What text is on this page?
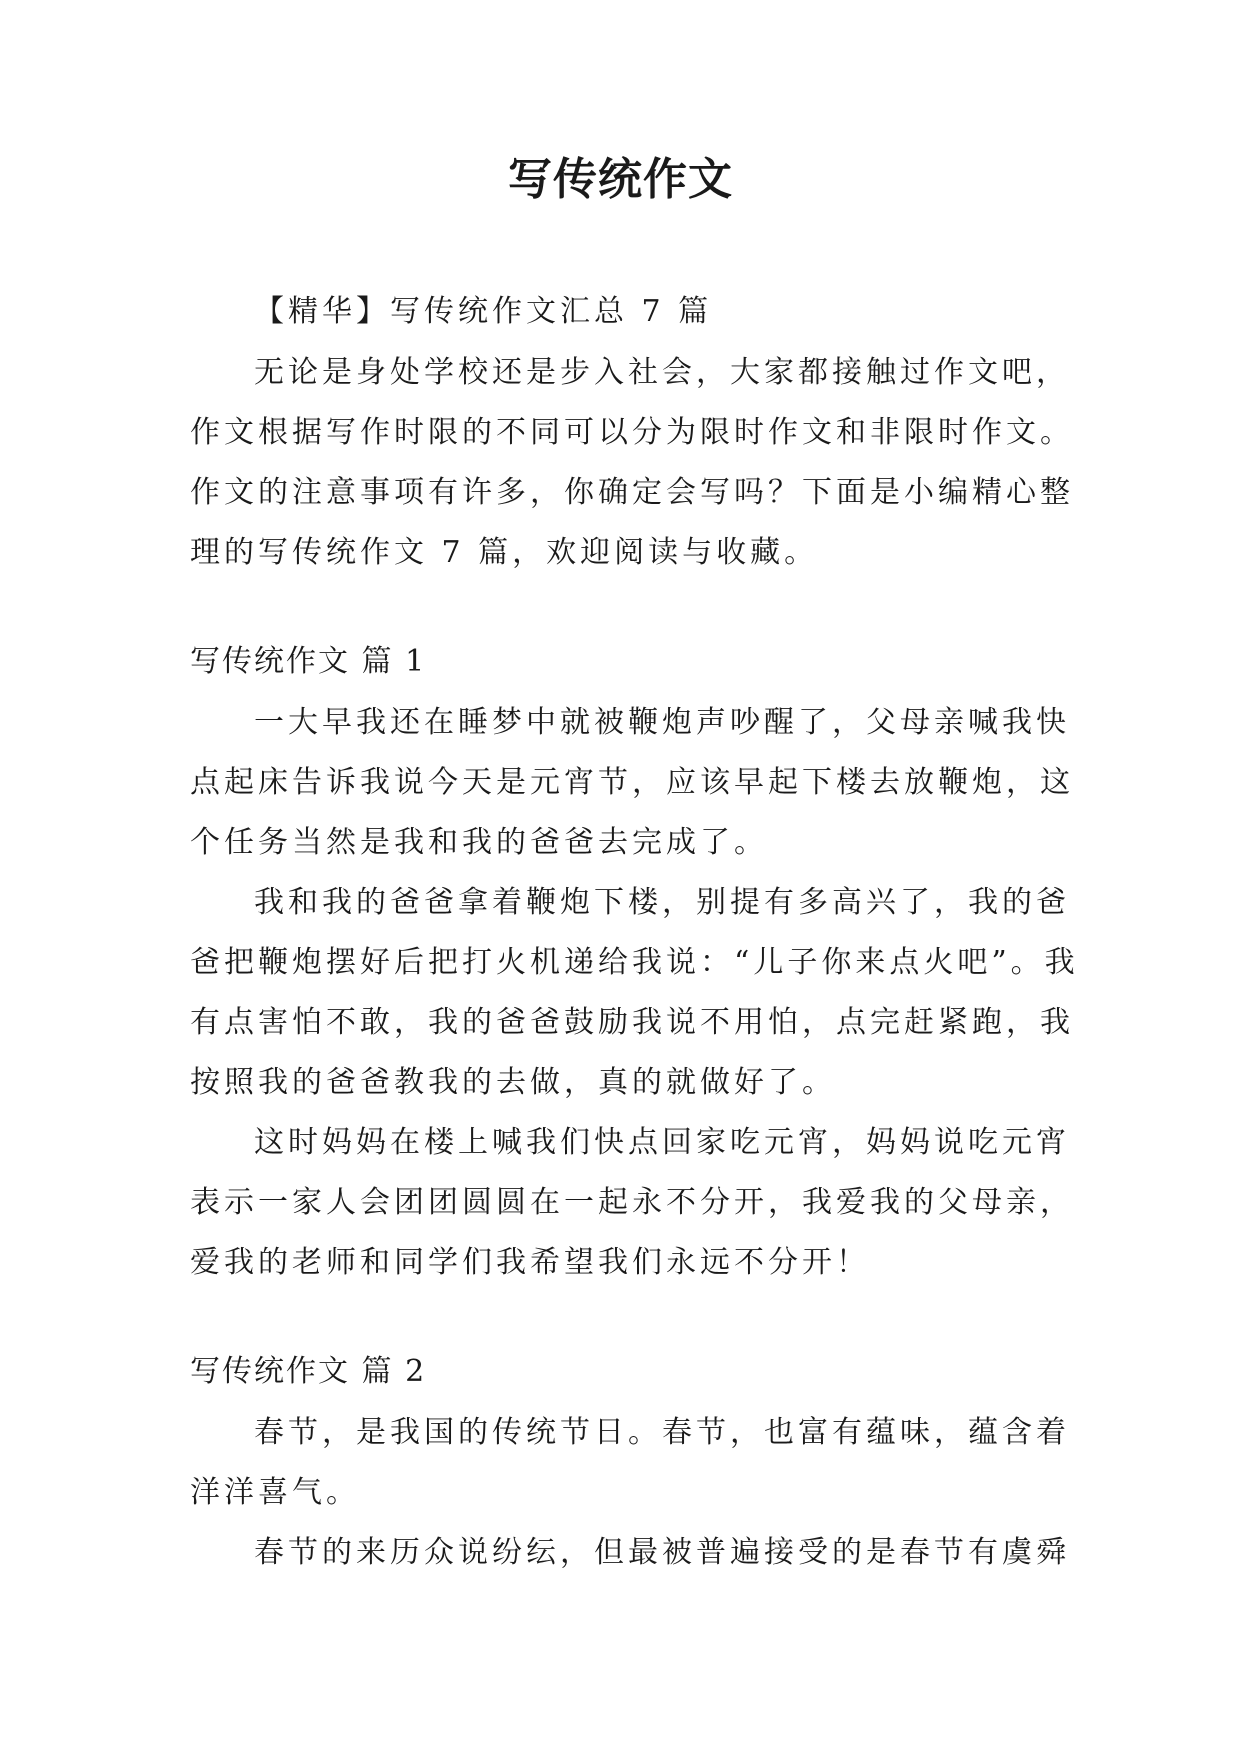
写传统作文
【精华】写传统作文汇总 7 篇
无论是身处学校还是步入社会，大家都接触过作文吧，
作文根据写作时限的不同可以分为限时作文和非限时作文。
作文的注意事项有许多，你确定会写吗？下面是小编精心整
理的写传统作文 7 篇，欢迎阅读与收藏。
写传统作文 篇 1
一大早我还在睡梦中就被鞭炮声吵醒了，父母亲喊我快
点起床告诉我说今天是元宵节，应该早起下楼去放鞭炮，这
个任务当然是我和我的爸爸去完成了。
我和我的爸爸拿着鞭炮下楼，别提有多高兴了，我的爸
爸把鞭炮摆好后把打火机递给我说：“儿子你来点火吧”。我
有点害怕不敢，我的爸爸鼓励我说不用怕，点完赶紧跑，我
按照我的爸爸教我的去做，真的就做好了。
这时妈妈在楼上喊我们快点回家吃元宵，妈妈说吃元宵
表示一家人会团团圆圆在一起永不分开，我爱我的父母亲，
爱我的老师和同学们我希望我们永远不分开！
写传统作文 篇 2
春节，是我国的传统节日。春节，也富有蕴味，蕴含着
洋洋喜气。
春节的来历众说纷纭，但最被普遍接受的是春节有虞舜
